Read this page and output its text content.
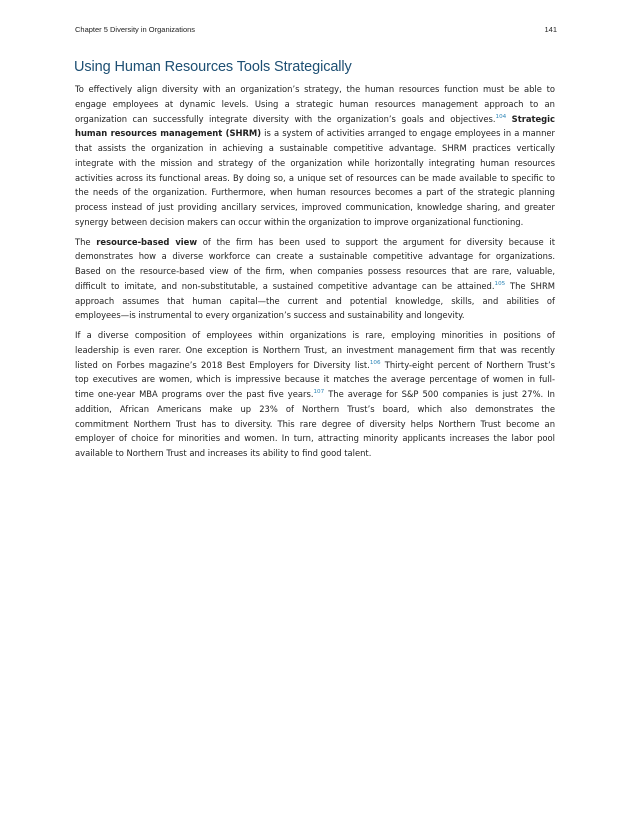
Chapter 5 Diversity in Organizations	141
Using Human Resources Tools Strategically

To effectively align diversity with an organization’s strategy, the human resources function must be able to
engage employees at dynamic levels. Using a strategic human resources management approach to an
organization can successfully integrate diversity with the organization’s goals and objectives.$^{104}$ Strategic
human resources management (SHRM) is a system of activities arranged to engage employees in a manner
that assists the organization in achieving a sustainable competitive advantage. SHRM practices vertically
integrate with the mission and strategy of the organization while horizontally integrating human resources
activities across its functional areas. By doing so, a unique set of resources can be made available to specific to
the needs of the organization. Furthermore, when human resources becomes a part of the strategic planning
process instead of just providing ancillary services, improved communication, knowledge sharing, and greater
synergy between decision makers can occur within the organization to improve organizational functioning.

The resource-based view of the firm has been used to support the argument for diversity because it
demonstrates how a diverse workforce can create a sustainable competitive advantage for organizations.
Based on the resource-based view of the firm, when companies possess resources that are rare, valuable,
difficult to imitate, and non-substitutable, a sustained competitive advantage can be attained.$^{105}$ The SHRM
approach assumes that human capital—the current and potential knowledge, skills, and abilities of
employees—is instrumental to every organization’s success and sustainability and longevity.

If a diverse composition of employees within organizations is rare, employing minorities in positions of
leadership is even rarer. One exception is Northern Trust, an investment management firm that was recently
listed on Forbes magazine’s 2018 Best Employers for Diversity list.$^{106}$ Thirty-eight percent of Northern Trust’s
top executives are women, which is impressive because it matches the average percentage of women in full-
time one-year MBA programs over the past five years.$^{107}$ The average for S&P 500 companies is just 27%. In
addition, African Americans make up 23% of Northern Trust’s board, which also demonstrates the
commitment Northern Trust has to diversity. This rare degree of diversity helps Northern Trust become an
employer of choice for minorities and women. In turn, attracting minority applicants increases the labor pool
available to Northern Trust and increases its ability to find good talent.
